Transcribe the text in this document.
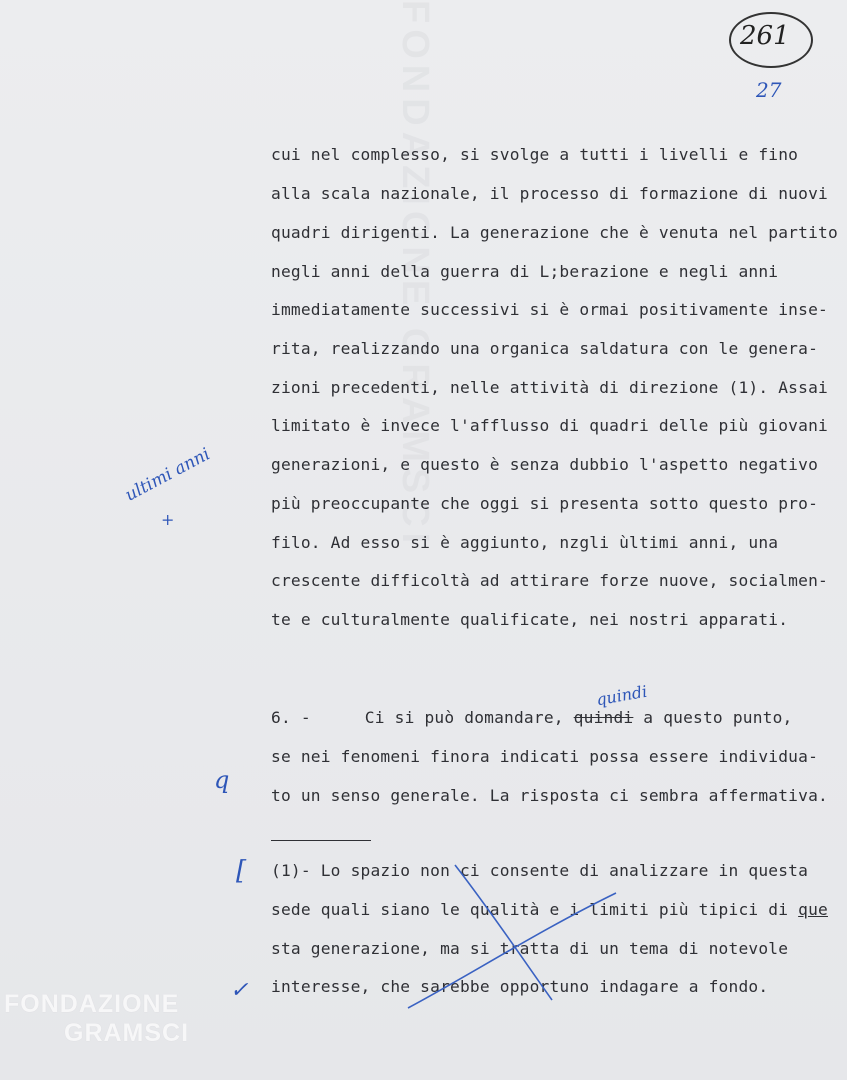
FONDAZIONE GRAMSCI	261
27
cui nel complesso, si svolge a tutti i livelli e fino
alla scala nazionale, il processo di formazione di nuovi
quadri dirigenti. La generazione che è venuta nel partito
negli anni della guerra di L;berazione e negli anni
immediatamente successivi si è ormai positivamente inse-
rita, realizzando una organica saldatura con le genera-
zioni precedenti, nelle attività di direzione (1). Assai
limitato è invece l'afflusso di quadri delle più giovani
generazioni, e questo è senza dubbio l'aspetto negativo
più preoccupante che oggi si presenta sotto questo pro-
filo. Ad esso si è aggiunto, nzgli ùltimi anni, una
crescente difficoltà ad attirare forze nuove, socialmen-
te e culturalmente qualificate, nei nostri apparati.
ultimi anni
+
6. -	Ci si può domandare, quindi a questo punto,
quindi
se nei fenomeni finora indicati possa essere individua-
to un senso generale. La risposta ci sembra affermativa.
q
(1)- Lo spazio non ci consente di analizzare in questa
sede quali siano le qualità e i limiti più tipici di que
sta generazione, ma si tratta di un tema di notevole
interesse, che sarebbe opportuno indagare a fondo.
[
✓
FONDAZIONE
GRAMSCI
